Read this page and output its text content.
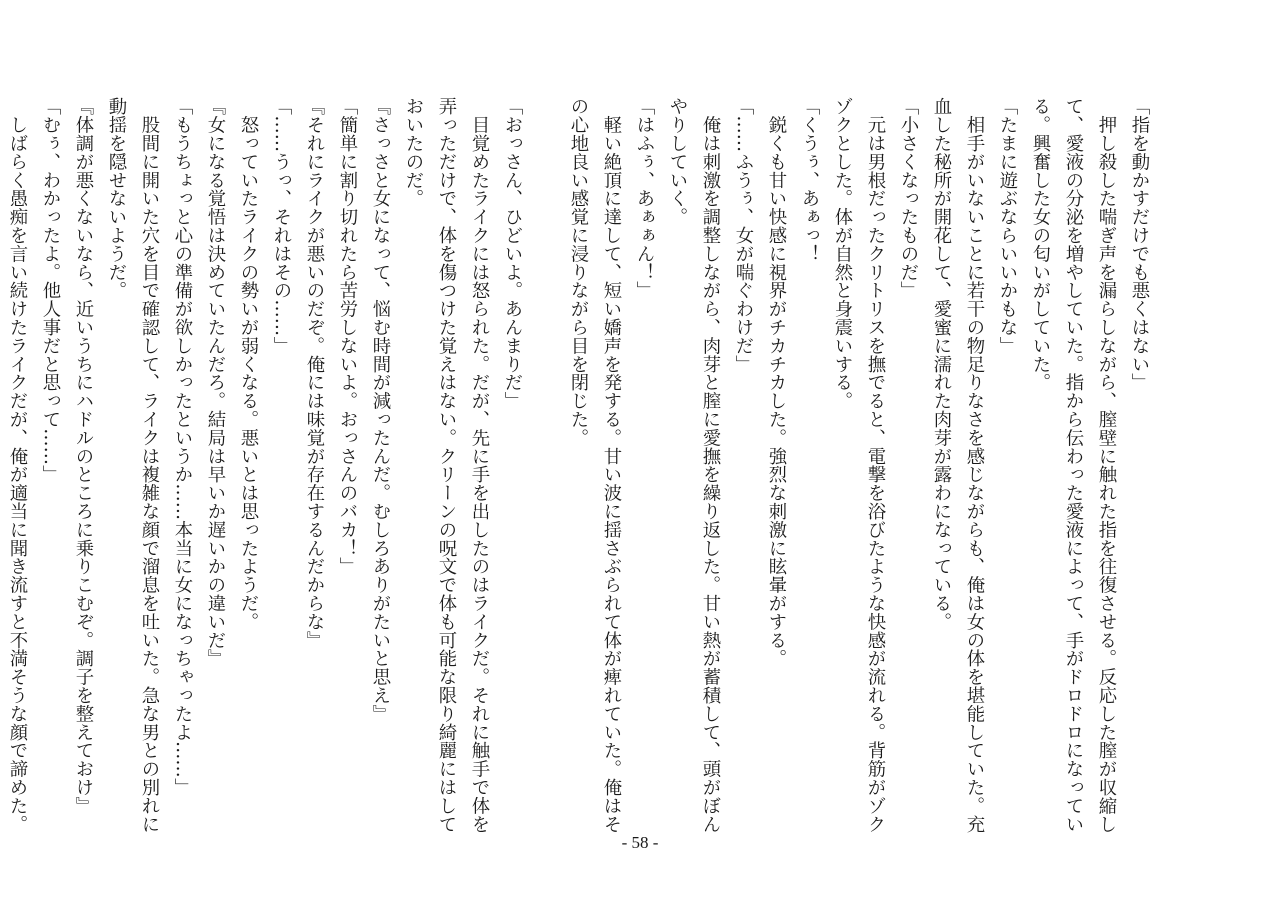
「指を動かすだけでも悪くはない」
　押し殺した喘ぎ声を漏らしながら、膣壁に触れた指を往復させる。反応した膣が収縮し
て、愛液の分泌を増やしていた。指から伝わった愛液によって、手がドロドロになってい
る。興奮した女の匂いがしていた。
「たまに遊ぶならいいかもな」
　相手がいないことに若干の物足りなさを感じながらも、俺は女の体を堪能していた。充
血した秘所が開花して、愛蜜に濡れた肉芽が露わになっている。
「小さくなったものだ」
　元は男根だったクリトリスを撫でると、電撃を浴びたような快感が流れる。背筋がゾク
ゾクとした。体が自然と身震いする。
「くうぅ、あぁっ！
　鋭くも甘い快感に視界がチカチカした。強烈な刺激に眩暈がする。
「……ふうぅ、女が喘ぐわけだ」
　俺は刺激を調整しながら、肉芽と膣に愛撫を繰り返した。甘い熱が蓄積して、頭がぼん
やりしていく。
「はふぅ、あぁぁん！」
　軽い絶頂に達して、短い嬌声を発する。甘い波に揺さぶられて体が痺れていた。俺はそ
の心地良い感覚に浸りながら目を閉じた。

「おっさん、ひどいよ。あんまりだ」
　目覚めたライクには怒られた。だが、先に手を出したのはライクだ。それに触手で体を
弄っただけで、体を傷つけた覚えはない。クリーンの呪文で体も可能な限り綺麗にはして
おいたのだ。
『さっさと女になって、悩む時間が減ったんだ。むしろありがたいと思え』
「簡単に割り切れたら苦労しないよ。おっさんのバカ！」
『それにライクが悪いのだぞ。俺には味覚が存在するんだからな』
「……うっ、それはその……」
　怒っていたライクの勢いが弱くなる。悪いとは思ったようだ。
『女になる覚悟は決めていたんだろ。結局は早いか遅いかの違いだ』
「もうちょっと心の準備が欲しかったというか……本当に女になっちゃったよ……」
　股間に開いた穴を目で確認して、ライクは複雑な顔で溜息を吐いた。急な男との別れに
動揺を隠せないようだ。
『体調が悪くないなら、近いうちにハドルのところに乗りこむぞ。調子を整えておけ』
「むぅ、わかったよ。他人事だと思って……」
　しばらく愚痴を言い続けたライクだが、俺が適当に聞き流すと不満そうな顔で諦めた。
- 58 -
